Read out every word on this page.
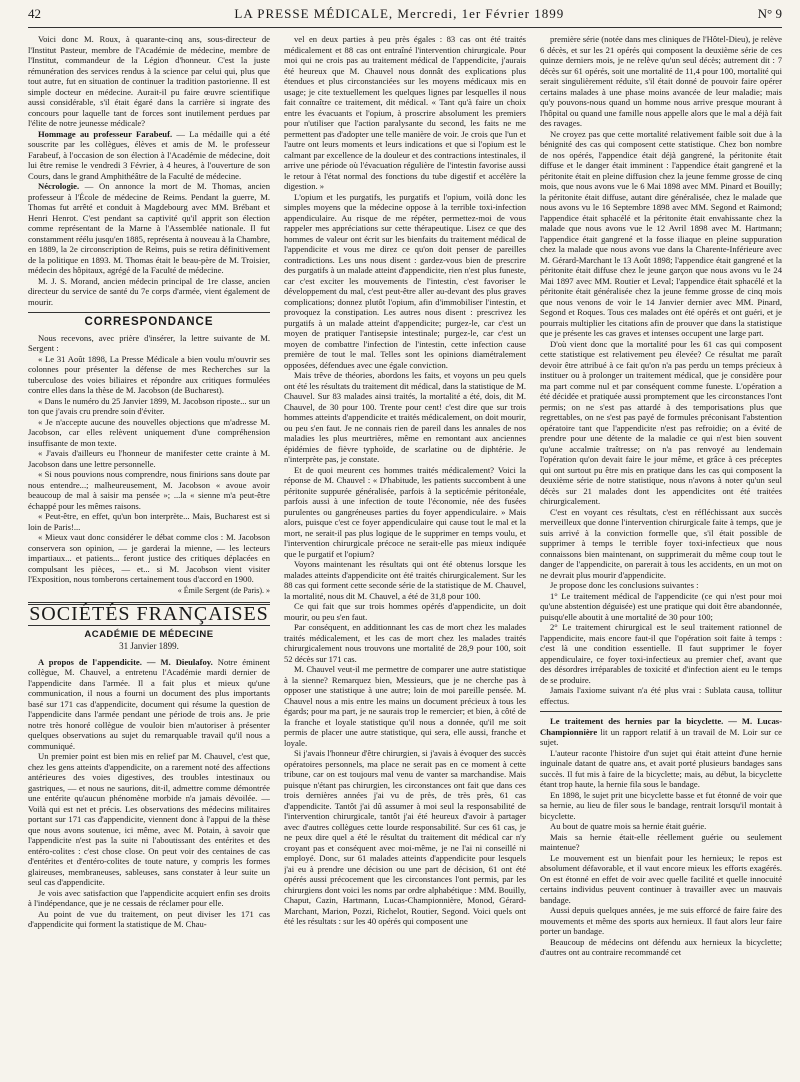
42	LA PRESSE MÉDICALE, Mercredi, 1er Février 1899	N° 9

Voici donc M. Roux, à quarante-cinq ans, sous-directeur de l'Institut Pasteur, membre de l'Académie de médecine, membre de l'Institut, commandeur de la Légion d'honneur. C'est la juste rémunération des services rendus à la science par celui qui, plus que tout autre, fut en situation de continuer la tradition pastorienne. Il est simple docteur en médecine. Aurait-il pu faire œuvre scientifique aussi considérable, s'il était égaré dans la carrière si ingrate des concours pour laquelle tant de forces sont inutilement perdues par l'élite de notre jeunesse médicale?

Hommage au professeur Farabeuf. — La médaille qui a été souscrite par les collègues, élèves et amis de M. le professeur Farabeuf, à l'occasion de son élection à l'Académie de médecine, doit lui être remise le vendredi 3 Février, à 4 heures, à l'ouverture de son Cours, dans le grand Amphithéâtre de la Faculté de médecine.

Nécrologie. — On annonce la mort de M. Thomas, ancien professeur à l'École de médecine de Reims. Pendant la guerre, M. Thomas fut arrêté et conduit à Magdebourg avec MM. Brébant et Henri Henrot. C'est pendant sa captivité qu'il apprit son élection comme représentant de la Marne à l'Assemblée nationale. Il fut constamment réélu jusqu'en 1885, représenta à nouveau à la Chambre, en 1889, la 2e circonscription de Reims, puis se retira définitivement de la politique en 1893. M. Thomas était le beau-père de M. Troisier, médecin des hôpitaux, agrégé de la Faculté de médecine.

M. J. S. Morand, ancien médecin principal de 1re classe, ancien directeur du service de santé du 7e corps d'armée, vient également de mourir.

CORRESPONDANCE

Nous recevons, avec prière d'insérer, la lettre suivante de M. Sergent :

« Le 31 Août 1898, La Presse Médicale a bien voulu m'ouvrir ses colonnes pour présenter la défense de mes Recherches sur la tuberculose des voies biliaires et répondre aux critiques formulées contre elles dans la thèse de M. Jacobson (de Bucharest).

« Dans le numéro du 25 Janvier 1899, M. Jacobson riposte... sur un ton que j'avais cru prendre soin d'éviter.

« Je n'accepte aucune des nouvelles objections que m'adresse M. Jacobson, car elles relèvent uniquement d'une compréhension insuffisante de mon texte.

« J'avais d'ailleurs eu l'honneur de manifester cette crainte à M. Jacobson dans une lettre personnelle.

« Si nous pouvions nous comprendre, nous finirions sans doute par nous entendre...; malheureusement, M. Jacobson « avoue avoir beaucoup de mal à saisir ma pensée »; ...la « sienne m'a peut-être échappé pour les mêmes raisons.

« Peut-être, en effet, qu'un bon interprète... Mais, Bucharest est si loin de Paris!...

« Mieux vaut donc considérer le débat comme clos : M. Jacobson conservera son opinion, — je garderai la mienne, — les lecteurs impartiaux... et patients... feront justice des critiques déplacées en compulsant les pièces, — et... si M. Jacobson vient visiter l'Exposition, nous tomberons certainement tous d'accord en 1900.

« Émile Sergent (de Paris). »
SOCIÉTÉS FRANÇAISES
ACADÉMIE DE MÉDECINE
31 Janvier 1899.

A propos de l'appendicite. — M. Dieulafoy. Notre éminent collègue, M. Chauvel, a entretenu l'Académie mardi dernier de l'appendicite dans l'armée. Il a fait plus et mieux qu'une communication, il nous a fourni un document des plus importants basé sur 171 cas d'appendicite, document qui résume la question de l'appendicite dans l'armée pendant une période de trois ans. Je prie notre très honoré collègue de vouloir bien m'autoriser à présenter quelques observations au sujet du remarquable travail qu'il nous a communiqué.

Un premier point est bien mis en relief par M. Chauvel, c'est que, chez les gens atteints d'appendicite, on a rarement noté des affections antérieures des voies digestives, des troubles intestinaux ou gastriques, — et nous ne saurions, dit-il, admettre comme démontrée une entérite qu'aucun phénomène morbide n'a jamais dévoilée. — Voilà qui est net et précis. Les observations des médecins militaires portant sur 171 cas d'appendicite, viennent donc à l'appui de la thèse que nous avons soutenue, ici même, avec M. Potain, à savoir que l'appendicite n'est pas la suite ni l'aboutissant des entérites et des entéro-colites : c'est chose close. On peut voir des centaines de cas d'entérites et d'entéro-colites de toute nature, y compris les formes glaireuses, membraneuses, sableuses, sans constater à leur suite un seul cas d'appendicite.

Je vois avec satisfaction que l'appendicite acquiert enfin ses droits à l'indépendance, que je ne cessais de réclamer pour elle.

Au point de vue du traitement, on peut diviser les 171 cas d'appendicite qui forment la statistique de M. Chau-

vel en deux parties à peu près égales : 83 cas ont été traités médicalement et 88 cas ont entraîné l'intervention chirurgicale. Pour moi qui ne crois pas au traitement médical de l'appendicite, j'aurais été heureux que M. Chauvel nous donnât des explications plus étendues et plus circonstanciées sur les moyens médicaux mis en usage; je cite textuellement les quelques lignes par lesquelles il nous fait connaître ce traitement, dit médical. « Tant qu'à faire un choix entre les évacuants et l'opium, à proscrire absolument les premiers pour n'utiliser que l'action paralysante du second, les faits ne me permettent pas d'adopter une telle manière de voir. Je crois que l'un et l'autre ont leurs moments et leurs indications et que si l'opium est le calmant par excellence de la douleur et des contractions intestinales, il arrive une période où l'évacuation régulière de l'intestin favorise aussi le retour à l'état normal des fonctions du tube digestif et accélère la digestion. »

L'opium et les purgatifs, les purgatifs et l'opium, voilà donc les simples moyens que la médecine oppose à la terrible toxi-infection appendiculaire. Au risque de me répéter, permettez-moi de vous rappeler mes appréciations sur cette thérapeutique. Lisez ce que des hommes de valeur ont écrit sur les bienfaits du traitement médical de l'appendicite et vous me direz ce qu'on doit penser de pareilles contradictions. Les uns nous disent : gardez-vous bien de prescrire des purgatifs à un malade atteint d'appendicite, rien n'est plus funeste, car c'est exciter les mouvements de l'intestin, c'est favoriser le développement du mal, c'est peut-être aller au-devant des plus graves complications; donnez plutôt l'opium, afin d'immobiliser l'intestin, et provoquez la constipation. Les autres nous disent : prescrivez les purgatifs à un malade atteint d'appendicite; purgez-le, car c'est un moyen de pratiquer l'antisepsie intestinale; purgez-le, car c'est un moyen de combattre l'infection de l'intestin, cette infection cause première de tout le mal. Telles sont les opinions diamétralement opposées, défendues avec une égale conviction.

Mais trêve de théories, abordons les faits, et voyons un peu quels ont été les résultats du traitement dit médical, dans la statistique de M. Chauvel. Sur 83 malades ainsi traités, la mortalité a été, dois, dit M. Chauvel, de 30 pour 100. Trente pour cent! c'est dire que sur trois hommes atteints d'appendicite et traités médicalement, on doit mourir, ou peu s'en faut. Je ne connais rien de pareil dans les annales de nos maladies les plus meurtrières, même en remontant aux anciennes épidémies de fièvre typhoïde, de scarlatine ou de diphtérie. Je n'interprète pas, je constate.

Et de quoi meurent ces hommes traités médicalement? Voici la réponse de M. Chauvel : « D'habitude, les patients succombent à une péritonite suppurée généralisée, parfois à la septicémie péritonéale, parfois aussi à une infection de toute l'économie, née des fusées purulentes ou gangréneuses parties du foyer appendiculaire. » Mais alors, puisque c'est ce foyer appendiculaire qui cause tout le mal et la mort, ne serait-il pas plus logique de le supprimer en temps voulu, et l'intervention chirurgicale précoce ne serait-elle pas mieux indiquée que le purgatif et l'opium?

Voyons maintenant les résultats qui ont été obtenus lorsque les malades atteints d'appendicite ont été traités chirurgicalement. Sur les 88 cas qui forment cette seconde série de la statistique de M. Chauvel, la mortalité, nous dit M. Chauvel, a été de 31,8 pour 100.

Ce qui fait que sur trois hommes opérés d'appendicite, un doit mourir, ou peu s'en faut.

Par conséquent, en additionnant les cas de mort chez les malades traités médicalement, et les cas de mort chez les malades traités chirurgicalement nous trouvons une mortalité de 28,9 pour 100, soit 52 décès sur 171 cas.

M. Chauvel veut-il me permettre de comparer une autre statistique à la sienne? Remarquez bien, Messieurs, que je ne cherche pas à opposer une statistique à une autre; loin de moi pareille pensée. M. Chauvel nous a mis entre les mains un document précieux à tous les égards; pour ma part, je ne saurais trop le remercier; et bien, à côté de la franche et loyale statistique qu'il nous a donnée, qu'il me soit permis de placer une autre statistique, qui sera, elle aussi, franche et loyale.

Si j'avais l'honneur d'être chirurgien, si j'avais à évoquer des succès opératoires personnels, ma place ne serait pas en ce moment à cette tribune, car on est toujours mal venu de vanter sa marchandise. Mais puisque n'étant pas chirurgien, les circonstances ont fait que dans ces trois dernières années j'ai vu de près, de très près, 61 cas d'appendicite. Tantôt j'ai dû assumer à moi seul la responsabilité de l'intervention chirurgicale, tantôt j'ai été heureux d'avoir à partager avec d'autres collègues cette lourde responsabilité. Sur ces 61 cas, je ne peux dire quel a été le résultat du traitement dit médical car n'y croyant pas et conséquent avec moi-même, je ne l'ai ni conseillé ni employé. Donc, sur 61 malades atteints d'appendicite pour lesquels j'ai eu à prendre une décision ou une part de décision, 61 ont été opérés aussi précocement que les circonstances l'ont permis, par les chirurgiens dont voici les noms par ordre alphabétique : MM. Bouilly, Chaput, Cazin, Hartmann, Lucas-Championnière, Monod, Gérard-Marchant, Marion, Pozzi, Richelot, Routier, Segond. Voici quels ont été les résultats : sur les 40 opérés qui composent une

première série (notée dans mes cliniques de l'Hôtel-Dieu), je relève 6 décès, et sur les 21 opérés qui composent la deuxième série de ces quinze derniers mois, je ne relève qu'un seul décès; autrement dit : 7 décès sur 61 opérés, soit une mortalité de 11,4 pour 100, mortalité qui serait singulièrement réduite, s'il était donné de pouvoir faire opérer certains malades à une phase moins avancée de leur maladie; mais qu'y pouvons-nous quand un homme nous arrive presque mourant à l'hôpital ou quand une famille nous appelle alors que le mal a déjà fait des ravages.

Ne croyez pas que cette mortalité relativement faible soit due à la bénignité des cas qui composent cette statistique. Chez bon nombre de nos opérés, l'appendice était déjà gangrené, la péritonite était diffuse et le danger était imminent : l'appendice était gangrené et la péritonite était en pleine diffusion chez la jeune femme grosse de cinq mois, que nous avons vue le 6 Mai 1898 avec MM. Pinard et Bouilly; la péritonite était diffuse, autant dire généralisée, chez le malade que nous avons vu le 16 Septembre 1898 avec MM. Segond et Raimond; l'appendice était sphacélé et la péritonite était envahissante chez la malade que nous avons vue le 12 Avril 1898 avec M. Hartmann; l'appendice était gangrené et la fosse iliaque en pleine suppuration chez la malade que nous avons vue dans la Charente-Inférieure avec M. Gérard-Marchant le 13 Août 1898; l'appendice était gangrené et la péritonite était diffuse chez le jeune garçon que nous avons vu le 24 Mai 1897 avec MM. Routier et Leval; l'appendice était sphacélé et la péritonite était généralisée chez la jeune femme grosse de cinq mois que nous venons de voir le 14 Janvier dernier avec MM. Pinard, Segond et Roques. Tous ces malades ont été opérés et ont guéri, et je pourrais multiplier les citations afin de prouver que dans la statistique que je présente les cas graves et intenses occupent une large part.

D'où vient donc que la mortalité pour les 61 cas qui composent cette statistique est relativement peu élevée? Ce résultat me paraît devoir être attribué à ce fait qu'on n'a pas perdu un temps précieux à instituer ou à prolonger un traitement médical, que je considère pour ma part comme nul et par conséquent comme funeste. L'opération a été décidée et pratiquée aussi promptement que les circonstances l'ont permis; on ne s'est pas attardé à des temporisations plus que regrettables, on ne s'est pas payé de formules préconisant l'abstention opératoire tant que l'appendicite n'est pas refroidie; on a évité de prendre pour une détente de la maladie ce qui n'est bien souvent qu'une accalmie traîtresse; on n'a pas renvoyé au lendemain l'opération qu'on devait faire le jour même, et grâce à ces préceptes qui ont surtout pu être mis en pratique dans les cas qui composent la deuxième série de notre statistique, nous n'avons à noter qu'un seul décès sur 21 malades dont les appendicites ont été traitées chirurgicalement.

C'est en voyant ces résultats, c'est en réfléchissant aux succès merveilleux que donne l'intervention chirurgicale faite à temps, que je suis arrivé à la conviction formelle que, s'il était possible de supprimer à temps le terrible foyer toxi-infectieux que nous connaissons bien maintenant, on supprimerait du même coup tout le danger de l'appendicite, on parerait à tous les accidents, en un mot on ne devrait plus mourir d'appendicite.

Je propose donc les conclusions suivantes :

1° Le traitement médical de l'appendicite (ce qui n'est pour moi qu'une abstention déguisée) est une pratique qui doit être abandonnée, puisqu'elle aboutit à une mortalité de 30 pour 100;

2° Le traitement chirurgical est le seul traitement rationnel de l'appendicite, mais encore faut-il que l'opération soit faite à temps : c'est là une condition essentielle. Il faut supprimer le foyer appendiculaire, ce foyer toxi-infectieux au premier chef, avant que des désordres irréparables de toxicité et d'infection aient eu le temps de se produire.

Jamais l'axiome suivant n'a été plus vrai : Sublata causa, tollitur effectus.

Le traitement des hernies par la bicyclette. — M. Lucas-Championnière lit un rapport relatif à un travail de M. Loir sur ce sujet.

L'auteur raconte l'histoire d'un sujet qui était atteint d'une hernie inguinale datant de quatre ans, et avait porté plusieurs bandages sans succès. Il fut mis à faire de la bicyclette; mais, au début, la bicyclette étant trop haute, la hernie fila sous le bandage.

En 1898, le sujet prit une bicyclette basse et fut étonné de voir que sa hernie, au lieu de filer sous le bandage, rentrait lorsqu'il montait à bicyclette.

Au bout de quatre mois sa hernie était guérie.

Mais sa hernie était-elle réellement guérie ou seulement maintenue?

Le mouvement est un bienfait pour les hernieux; le repos est absolument défavorable, et il vaut encore mieux les efforts exagérés. On est étonné en effet de voir avec quelle facilité et quelle innocuité certains individus peuvent continuer à travailler avec un mauvais bandage.

Aussi depuis quelques années, je me suis efforcé de faire faire des mouvements et même des sports aux hernieux. Il faut alors leur faire porter un bandage.

Beaucoup de médecins ont défendu aux hernieux la bicyclette; d'autres ont au contraire recommandé cet
